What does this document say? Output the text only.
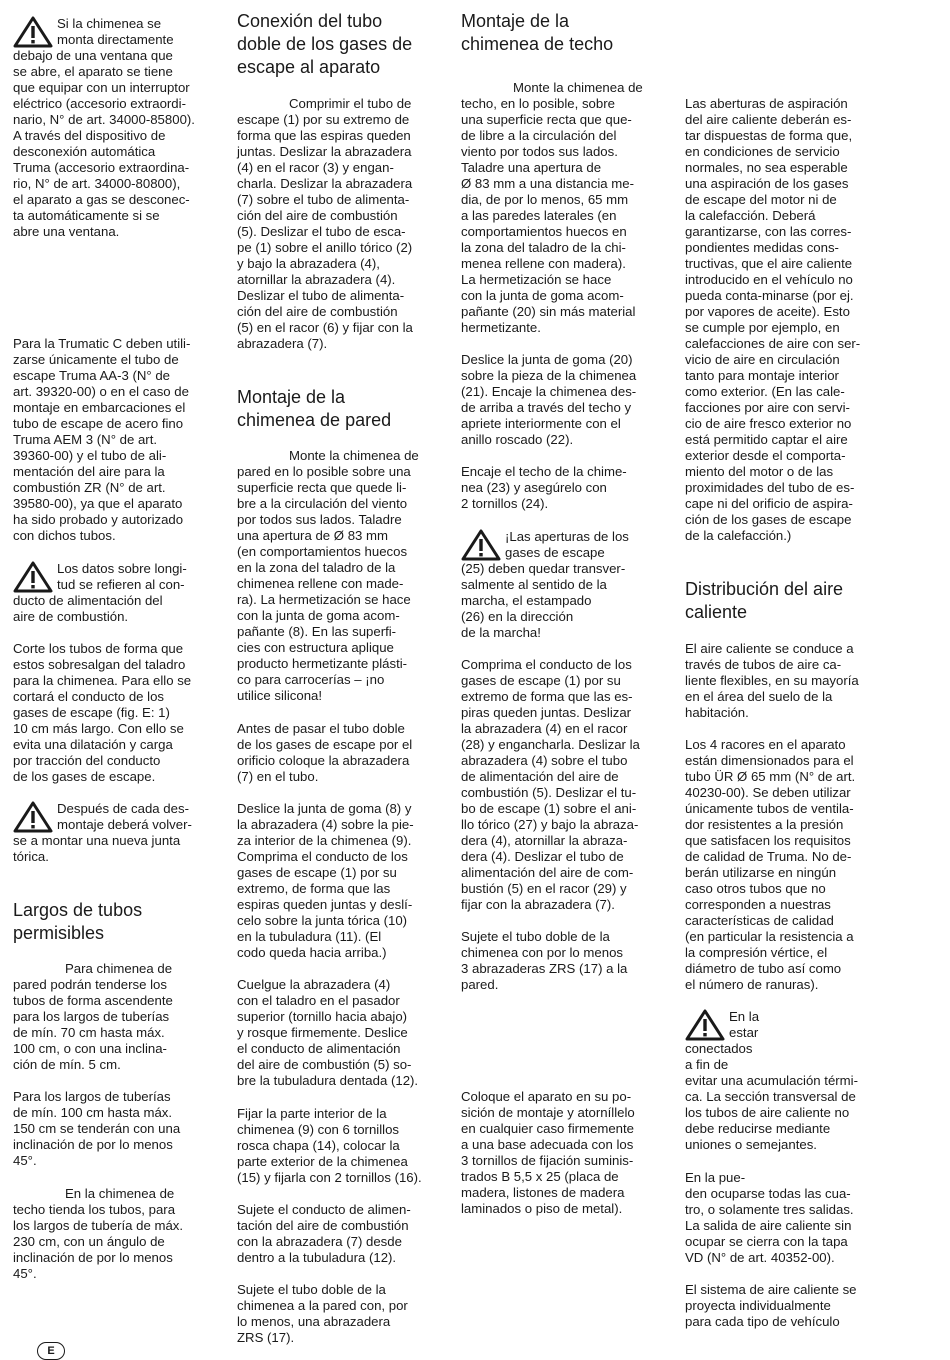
Si la chimenea se
monta directamente
debajo de una ventana que
se abre, el aparato se tiene
que equipar con un interruptor
eléctrico (accesorio extraordi-
nario, N° de art. 34000-85800).
A través del dispositivo de
desconexión automática
Truma (accesorio extraordina-
rio, N° de art. 34000-80800),
el aparato a gas se desconec-
ta automáticamente si se
abre una ventana.

Para la Trumatic C deben utili-
zarse únicamente el tubo de
escape Truma AA-3 (N° de
art. 39320-00) o en el caso de
montaje en embarcaciones el
tubo de escape de acero fino
Truma AEM 3 (N° de art.
39360-00) y el tubo de ali-
mentación del aire para la
combustión ZR (N° de art.
39580-00), ya que el aparato
ha sido probado y autorizado
con dichos tubos.

Los datos sobre longi-
tud se refieren al con-
ducto de alimentación del
aire de combustión.

Corte los tubos de forma que
estos sobresalgan del taladro
para la chimenea. Para ello se
cortará el conducto de los
gases de escape (fig. E: 1)
10 cm más largo. Con ello se
evita una dilatación y carga
por tracción del conducto
de los gases de escape.

Después de cada des-
montaje deberá volver-
se a montar una nueva junta
tórica.

Largos de tubos
permisibles

Para chimenea de
pared podrán tenderse los
tubos de forma ascendente
para los largos de tuberías
de mín. 70 cm hasta máx.
100 cm, o con una inclina-
ción de mín. 5 cm.

Para los largos de tuberías
de mín. 100 cm hasta máx.
150 cm se tenderán con una
inclinación de por lo menos
45°.

En la chimenea de
techo tienda los tubos, para
los largos de tubería de máx.
230 cm, con un ángulo de
inclinación de por lo menos
45°.

Conexión del tubo
doble de los gases de
escape al aparato

Comprimir el tubo de
escape (1) por su extremo de
forma que las espiras queden
juntas. Deslizar la abrazadera
(4) en el racor (3) y engan-
charla. Deslizar la abrazadera
(7) sobre el tubo de alimenta-
ción del aire de combustión
(5). Deslizar el tubo de esca-
pe (1) sobre el anillo tórico (2)
y bajo la abrazadera (4),
atornillar la abrazadera (4).
Deslizar el tubo de alimenta-
ción del aire de combustión
(5) en el racor (6) y fijar con la
abrazadera (7).

Montaje de la
chimenea de pared

Monte la chimenea de
pared en lo posible sobre una
superficie recta que quede li-
bre a la circulación del viento
por todos sus lados. Taladre
una apertura de Ø 83 mm
(en comportamientos huecos
en la zona del taladro de la
chimenea rellene con made-
ra). La hermetización se hace
con la junta de goma acom-
pañante (8). En las superfi-
cies con estructura aplique
producto hermetizante plásti-
co para carrocerías – ¡no
utilice silicona!

Antes de pasar el tubo doble
de los gases de escape por el
orificio coloque la abrazadera
(7) en el tubo.

Deslice la junta de goma (8) y
la abrazadera (4) sobre la pie-
za interior de la chimenea (9).
Comprima el conducto de los
gases de escape (1) por su
extremo, de forma que las
espiras queden juntas y deslí-
celo sobre la junta tórica (10)
en la tubuladura (11). (El
codo queda hacia arriba.)

Cuelgue la abrazadera (4)
con el taladro en el pasador
superior (tornillo hacia abajo)
y rosque firmemente. Deslice
el conducto de alimentación
del aire de combustión (5) so-
bre la tubuladura dentada (12).

Fijar la parte interior de la
chimenea (9) con 6 tornillos
rosca chapa (14), colocar la
parte exterior de la chimenea
(15) y fijarla con 2 tornillos (16).

Sujete el conducto de alimen-
tación del aire de combustión
con la abrazadera (7) desde
dentro a la tubuladura (12).

Sujete el tubo doble de la
chimenea a la pared con, por
lo menos, una abrazadera
ZRS (17).

Montaje de la
chimenea de techo

Monte la chimenea de
techo, en lo posible, sobre
una superficie recta que que-
de libre a la circulación del
viento por todos sus lados.
Taladre una apertura de
Ø 83 mm a una distancia me-
dia, de por lo menos, 65 mm
a las paredes laterales (en
comportamientos huecos en
la zona del taladro de la chi-
menea rellene con madera).
La hermetización se hace
con la junta de goma acom-
pañante (20) sin más material
hermetizante.

Deslice la junta de goma (20)
sobre la pieza de la chimenea
(21). Encaje la chimenea des-
de arriba a través del techo y
apriete interiormente con el
anillo roscado (22).

Encaje el techo de la chime-
nea (23) y asegúrelo con
2 tornillos (24).

¡Las aperturas de los
gases de escape
(25) deben quedar transver-
salmente al sentido de la
marcha, el estampado
(26) en la dirección
de la marcha!

Comprima el conducto de los
gases de escape (1) por su
extremo de forma que las es-
piras queden juntas. Deslizar
la abrazadera (4) en el racor
(28) y engancharla. Deslizar la
abrazadera (4) sobre el tubo
de alimentación del aire de
combustión (5). Deslizar el tu-
bo de escape (1) sobre el ani-
llo tórico (27) y bajo la abraza-
dera (4), atornillar la abraza-
dera (4). Deslizar el tubo de
alimentación del aire de com-
bustión (5) en el racor (29) y
fijar con la abrazadera (7).

Sujete el tubo doble de la
chimenea con por lo menos
3 abrazaderas ZRS (17) a la
pared.

Coloque el aparato en su po-
sición de montaje y atornílle​lo
en cualquier caso firmemente
a una base adecuada con los
3 tornillos de fijación suminis-
trados B 5,5 x 25 (placa de
madera, listones de madera
laminados o piso de metal).

Las aberturas de aspiración
del aire caliente deberán es-
tar dispuestas de forma que,
en condiciones de servicio
normales, no sea esperable
una aspiración de los gases
de escape del motor ni de
la calefacción. Deberá
garantizarse, con las corres-
pondientes medidas cons-
tructivas, que el aire caliente
introducido en el vehículo no
pueda conta-minarse (por ej.
por vapores de aceite). Esto
se cumple por ejemplo, en
calefacciones de aire con ser-
vicio de aire en circulación
tanto para montaje interior
como exterior. (En las cale-
facciones por aire con servi-
cio de aire fresco exterior no
está permitido captar el aire
exterior desde el comporta-
miento del motor o de las
proximidades del tubo de es-
cape ni del orificio de aspira-
ción de los gases de escape
de la calefacción.)

Distribución del aire
caliente

El aire caliente se conduce a
través de tubos de aire ca-
liente flexibles, en su mayoría
en el área del suelo de la
habitación.

Los 4 racores en el aparato
están dimensionados para el
tubo ÜR Ø 65 mm (N° de art.
40230-00). Se deben utilizar
únicamente tubos de ventila-
dor resistentes a la presión
que satisfacen los requisitos
de calidad de Truma. No de-
berán utilizarse en ningún
caso otros tubos que no
corresponden a nuestras
características de calidad
(en particular la resistencia a
la compresión vértice, el
diámetro de tubo así como
el número de ranuras).

En la
estar
conectados
a fin de
evitar una acumulación térmi-
ca. La sección transversal de
los tubos de aire caliente no
debe reducirse mediante
uniones o semejantes.

En la pue-
den ocuparse todas las cua-
tro, o solamente tres salidas.
La salida de aire caliente sin
ocupar se cierra con la tapa
VD (N° de art. 40352-00).

El sistema de aire caliente se
proyecta individualmente
para cada tipo de vehículo

E
